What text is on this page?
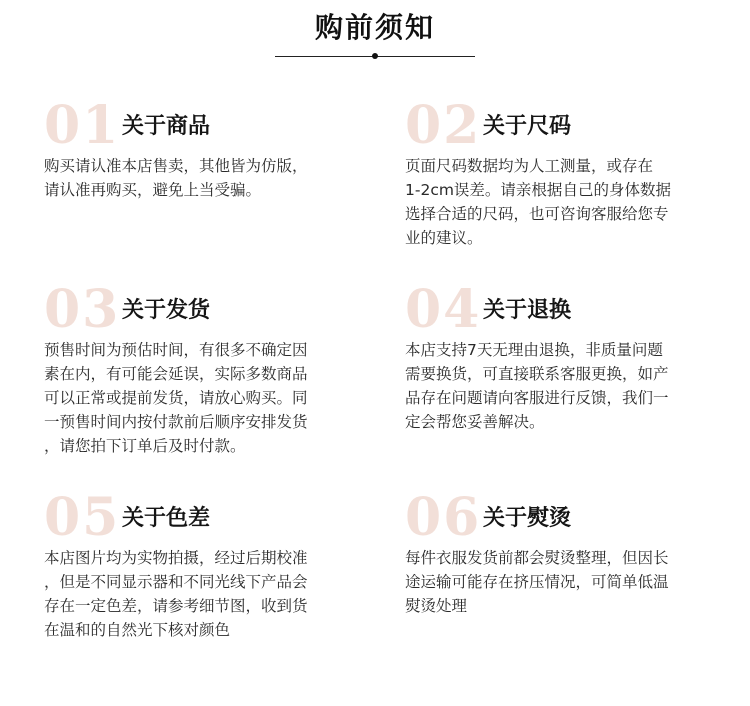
购前须知
01 关于商品
购买请认准本店售卖，其他皆为仿版，
请认准再购买，避免上当受骗。
02 关于尺码
页面尺码数据均为人工测量，或存在
1-2cm误差。请亲根据自己的身体数据
选择合适的尺码，也可咨询客服给您专
业的建议。
03 关于发货
预售时间为预估时间，有很多不确定因
素在内，有可能会延误，实际多数商品
可以正常或提前发货，请放心购买。同
一预售时间内按付款前后顺序安排发货
，请您拍下订单后及时付款。
04 关于退换
本店支持7天无理由退换，非质量问题
需要换货，可直接联系客服更换，如产
品存在问题请向客服进行反馈，我们一
定会帮您妥善解决。
05 关于色差
本店图片均为实物拍摄，经过后期校准
，但是不同显示器和不同光线下产品会
存在一定色差，请参考细节图，收到货
在温和的自然光下核对颜色
06 关于熨烫
每件衣服发货前都会熨烫整理，但因长
途运输可能存在挤压情况，可简单低温
熨烫处理
